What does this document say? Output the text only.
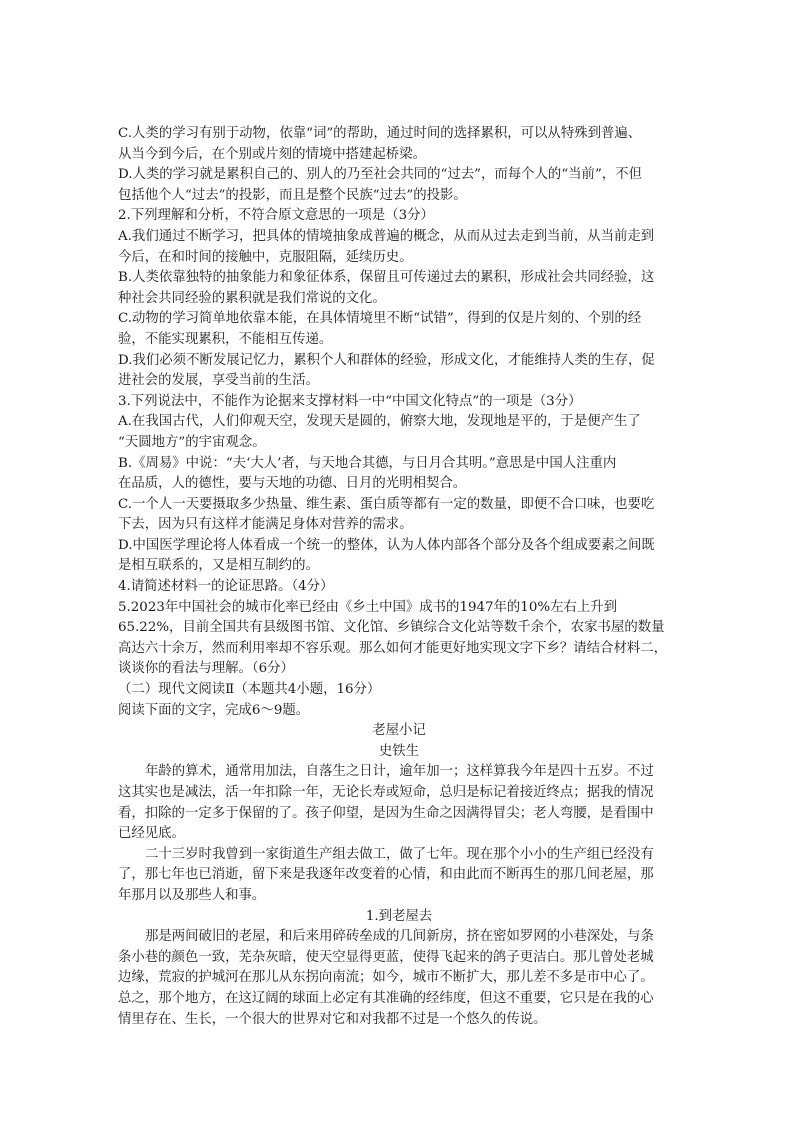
C.人类的学习有别于动物，依靠“词”的帮助，通过时间的选择累积，可以从特殊到普遍、
从当今到今后，在个别或片刻的情境中搭建起桥梁。
D.人类的学习就是累积自己的、别人的乃至社会共同的“过去”，而每个人的“当前”，不但
包括他个人“过去”的投影，而且是整个民族“过去”的投影。
2.下列理解和分析，不符合原文意思的一项是（3分）
A.我们通过不断学习，把具体的情境抽象成普遍的概念，从而从过去走到当前，从当前走到
今后，在和时间的接触中，克服阻隔，延续历史。
B.人类依靠独特的抽象能力和象征体系，保留且可传递过去的累积，形成社会共同经验，这
种社会共同经验的累积就是我们常说的文化。
C.动物的学习简单地依靠本能，在具体情境里不断“试错”，得到的仅是片刻的、个别的经
验，不能实现累积，不能相互传递。
D.我们必须不断发展记忆力，累积个人和群体的经验，形成文化，才能维持人类的生存，促
进社会的发展，享受当前的生活。
3.下列说法中，不能作为论据来支撑材料一中“中国文化特点”的一项是（3分）
A.在我国古代，人们仰观天空，发现天是圆的，俯察大地，发现地是平的，于是便产生了
“天圆地方”的宇宙观念。
B.《周易》中说：“夫‘大人’者，与天地合其德，与日月合其明。”意思是中国人注重内
在品质，人的德性，要与天地的功德、日月的光明相契合。
C.一个人一天要摄取多少热量、维生素、蛋白质等都有一定的数量，即便不合口味，也要吃
下去，因为只有这样才能满足身体对营养的需求。
D.中国医学理论将人体看成一个统一的整体，认为人体内部各个部分及各个组成要素之间既
是相互联系的，又是相互制约的。
4.请简述材料一的论证思路。（4分）
5.2023年中国社会的城市化率已经由《乡土中国》成书的1947年的10%左右上升到
65.22%，目前全国共有县级图书馆、文化馆、乡镇综合文化站等数千余个，农家书屋的数量
高达六十余万，然而利用率却不容乐观。那么如何才能更好地实现文字下乡？请结合材料二，
谈谈你的看法与理解。（6分）
（二）现代文阅读Ⅱ（本题共4小题，16分）
阅读下面的文字，完成6～9题。
老屋小记
史铁生
年龄的算术，通常用加法，自落生之日计，逾年加一；这样算我今年是四十五岁。不过
这其实也是减法，活一年扣除一年，无论长寿或短命，总归是标记着接近终点；据我的情况
看，扣除的一定多于保留的了。孩子仰望，是因为生命之因满得冒尖；老人弯腰，是看围中
已经见底。
二十三岁时我曾到一家街道生产组去做工，做了七年。现在那个小小的生产组已经没有
了，那七年也已消逝，留下来是我逐年改变着的心情，和由此而不断再生的那几间老屋，那
年那月以及那些人和事。
1.到老屋去
那是两间破旧的老屋，和后来用碎砖垒成的几间新房，挤在密如罗网的小巷深处，与条
条小巷的颜色一致，芜杂灰暗，使天空显得更蓝，使得飞起来的鸽子更洁白。那儿曾处老城
边缘，荒寂的护城河在那儿从东拐向南流；如今，城市不断扩大，那儿差不多是市中心了。
总之，那个地方，在这辽阔的球面上必定有其准确的经纬度，但这不重要，它只是在我的心
情里存在、生长，一个很大的世界对它和对我都不过是一个悠久的传说。
